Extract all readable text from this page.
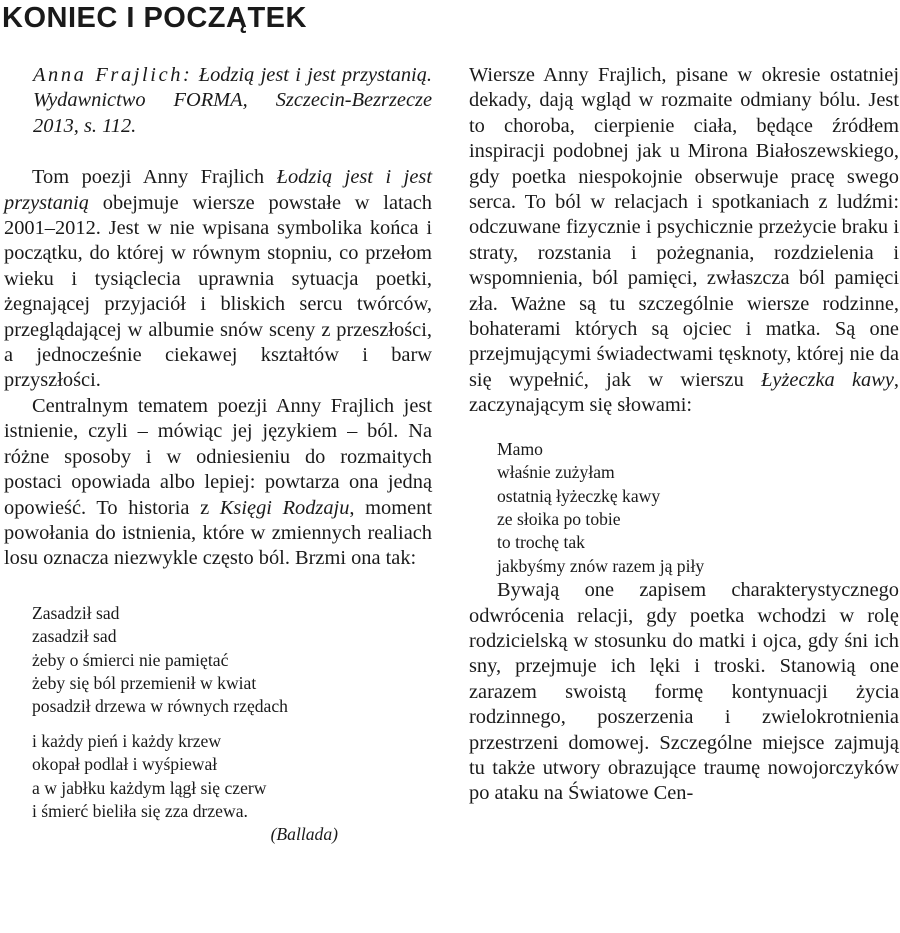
KONIEC I POCZĄTEK

Anna Frajlich: Łodzią jest i jest przystanią. Wydawnictwo FORMA, Szczecin-Bezrzecze 2013, s. 112.

Tom poezji Anny Frajlich Łodzią jest i jest przystanią obejmuje wiersze powstałe w latach 2001–2012. Jest w nie wpisana symbolika końca i początku, do której w równym stopniu, co przełom wieku i tysiąclecia uprawnia sytuacja poetki, żegnającej przyjaciół i bliskich sercu twórców, przeglądającej w albumie snów sceny z przeszłości, a jednocześnie ciekawej kształtów i barw przyszłości.

Centralnym tematem poezji Anny Frajlich jest istnienie, czyli – mówiąc jej językiem – ból. Na różne sposoby i w odniesieniu do rozmaitych postaci opowiada albo lepiej: powtarza ona jedną opowieść. To historia z Księgi Rodzaju, moment powołania do istnienia, które w zmiennych realiach losu oznacza niezwykle często ból. Brzmi ona tak:

Zasadził sad
zasadził sad
żeby o śmierci nie pamiętać
żeby się ból przemienił w kwiat
posadził drzewa w równych rzędach
i każdy pień i każdy krzew
okopał podlał i wyśpiewał
a w jabłku każdym lągł się czerw
i śmierć bieliła się zza drzewa.
(Ballada)

Wiersze Anny Frajlich, pisane w okresie ostatniej dekady, dają wgląd w rozmaite odmiany bólu. Jest to choroba, cierpienie ciała, będące źródłem inspiracji podobnej jak u Mirona Białoszewskiego, gdy poetka niespokojnie obserwuje pracę swego serca. To ból w relacjach i spotkaniach z ludźmi: odczuwane fizycznie i psychicznie przeżycie braku i straty, rozstania i pożegnania, rozdzielenia i wspomnienia, ból pamięci, zwłaszcza ból pamięci zła. Ważne są tu szczególnie wiersze rodzinne, bohaterami których są ojciec i matka. Są one przejmującymi świadectwami tęsknoty, której nie da się wypełnić, jak w wierszu Łyżeczka kawy, zaczynającym się słowami:

Mamo
właśnie zużyłam
ostatnią łyżeczkę kawy
ze słoika po tobie
to trochę tak
jakbyśmy znów razem ją piły

Bywają one zapisem charakterystycznego odwrócenia relacji, gdy poetka wchodzi w rolę rodzicielską w stosunku do matki i ojca, gdy śni ich sny, przejmuje ich lęki i troski. Stanowią one zarazem swoistą formę kontynuacji życia rodzinnego, poszerzenia i zwielokrotnienia przestrzeni domowej. Szczególne miejsce zajmują tu także utwory obrazujące traumę nowojorczyków po ataku na Światowe Cen-
